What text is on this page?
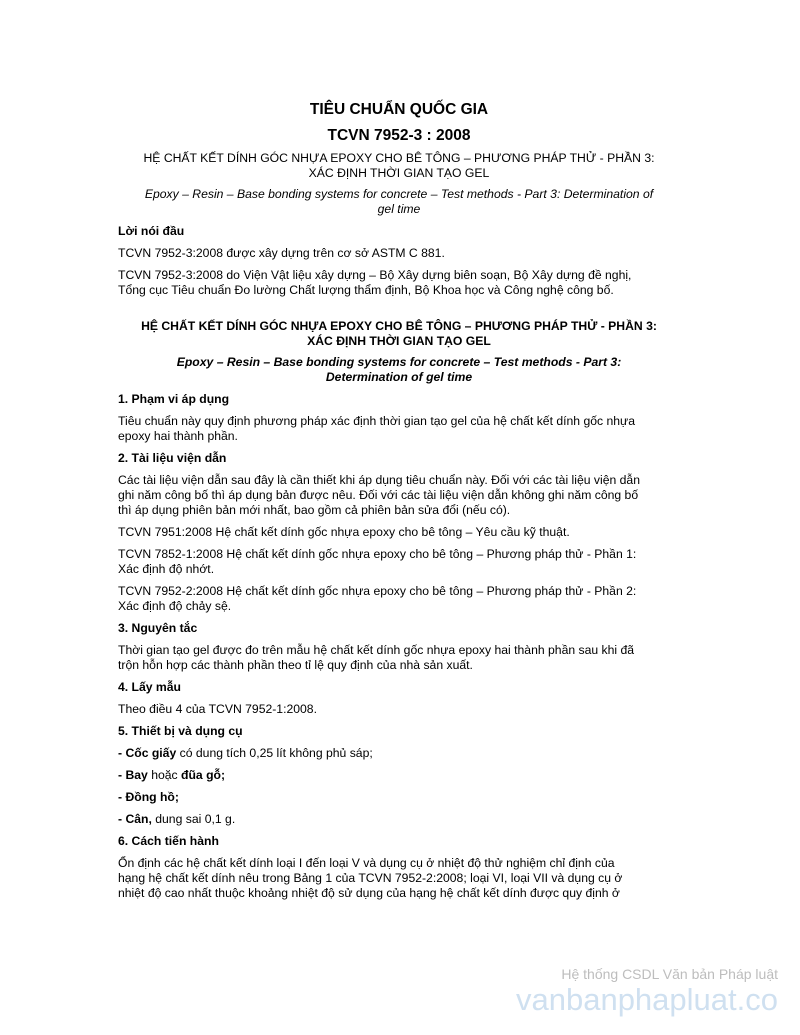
TIÊU CHUẨN QUỐC GIA
TCVN 7952-3 : 2008
HỆ CHẤT KẾT DÍNH GÓC NHỰA EPOXY CHO BÊ TÔNG – PHƯƠNG PHÁP THỬ - PHẦN 3:
XÁC ĐỊNH THỜI GIAN TẠO GEL
Epoxy – Resin – Base bonding systems for concrete – Test methods - Part 3: Determination of
gel time
Lời nói đầu
TCVN 7952-3:2008 được xây dựng trên cơ sở ASTM C 881.
TCVN 7952-3:2008 do Viện Vật liệu xây dựng – Bộ Xây dựng biên soạn, Bộ Xây dựng đề nghị,
Tổng cục Tiêu chuẩn Đo lường Chất lượng thẩm định, Bộ Khoa học và Công nghệ công bố.
HỆ CHẤT KẾT DÍNH GÓC NHỰA EPOXY CHO BÊ TÔNG – PHƯƠNG PHÁP THỬ - PHẦN 3:
XÁC ĐỊNH THỜI GIAN TẠO GEL
Epoxy – Resin – Base bonding systems for concrete – Test methods - Part 3:
Determination of gel time
1. Phạm vi áp dụng
Tiêu chuẩn này quy định phương pháp xác định thời gian tạo gel của hệ chất kết dính gốc nhựa
epoxy hai thành phần.
2. Tài liệu viện dẫn
Các tài liệu viện dẫn sau đây là cần thiết khi áp dụng tiêu chuẩn này. Đối với các tài liệu viện dẫn
ghi năm công bố thì áp dụng bản được nêu. Đối với các tài liệu viện dẫn không ghi năm công bố
thì áp dụng phiên bản mới nhất, bao gồm cả phiên bản sửa đổi (nếu có).
TCVN 7951:2008 Hệ chất kết dính gốc nhựa epoxy cho bê tông – Yêu cầu kỹ thuật.
TCVN 7852-1:2008 Hệ chất kết dính gốc nhựa epoxy cho bê tông – Phương pháp thử - Phần 1:
Xác định độ nhớt.
TCVN 7952-2:2008 Hệ chất kết dính gốc nhựa epoxy cho bê tông – Phương pháp thử - Phần 2:
Xác định độ chảy sệ.
3. Nguyên tắc
Thời gian tạo gel được đo trên mẫu hệ chất kết dính gốc nhựa epoxy hai thành phần sau khi đã
trộn hỗn hợp các thành phần theo tỉ lệ quy định của nhà sản xuất.
4. Lấy mẫu
Theo điều 4 của TCVN 7952-1:2008.
5. Thiết bị và dụng cụ
- Cốc giấy có dung tích 0,25 lít không phủ sáp;
- Bay hoặc đũa gỗ;
- Đồng hồ;
- Cân, dung sai 0,1 g.
6. Cách tiến hành
Ổn định các hệ chất kết dính loại I đến loại V và dụng cụ ở nhiệt độ thử nghiệm chỉ định của
hạng hệ chất kết dính nêu trong Bảng 1 của TCVN 7952-2:2008; loại VI, loại VII và dụng cụ ở
nhiệt độ cao nhất thuộc khoảng nhiệt độ sử dụng của hạng hệ chất kết dính được quy định ở
Hệ thống CSDL Văn bản Pháp luật
vanbanphapluat.co
